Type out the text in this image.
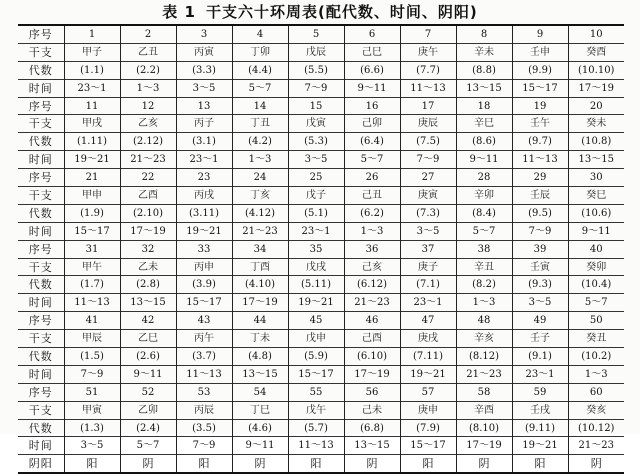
表 1 干支六十环周表(配代数、时间、阴阳)
序号	1	2	3	4	5	6	7	8	9	10
干支	甲子	乙丑	丙寅	丁卯	戊辰	己巳	庚午	辛未	壬申	癸酉
代数	(1.1)	(2.2)	(3.3)	(4.4)	(5.5)	(6.6)	(7.7)	(8.8)	(9.9)	(10.10)
时间	23～1	1～3	3～5	5～7	7～9	9～11	11～13	13～15	15～17	17～19
序号	11	12	13	14	15	16	17	18	19	20
干支	甲戌	乙亥	丙子	丁丑	戊寅	己卯	庚辰	辛巳	壬午	癸未
代数	(1.11)	(2.12)	(3.1)	(4.2)	(5.3)	(6.4)	(7.5)	(8.6)	(9.7)	(10.8)
时间	19～21	21～23	23～1	1～3	3～5	5～7	7～9	9～11	11～13	13～15
序号	21	22	23	24	25	26	27	28	29	30
干支	甲申	乙酉	丙戌	丁亥	戊子	己丑	庚寅	辛卯	壬辰	癸巳
代数	(1.9)	(2.10)	(3.11)	(4.12)	(5.1)	(6.2)	(7.3)	(8.4)	(9.5)	(10.6)
时间	15～17	17～19	19～21	21～23	23～1	1～3	3～5	5～7	7～9	9～11
序号	31	32	33	34	35	36	37	38	39	40
干支	甲午	乙未	丙申	丁酉	戊戌	己亥	庚子	辛丑	壬寅	癸卯
代数	(1.7)	(2.8)	(3.9)	(4.10)	(5.11)	(6.12)	(7.1)	(8.2)	(9.3)	(10.4)
时间	11～13	13～15	15～17	17～19	19～21	21～23	23～1	1～3	3～5	5～7
序号	41	42	43	44	45	46	47	48	49	50
干支	甲辰	乙巳	丙午	丁未	戊申	己酉	庚戌	辛亥	壬子	癸丑
代数	(1.5)	(2.6)	(3.7)	(4.8)	(5.9)	(6.10)	(7.11)	(8.12)	(9.1)	(10.2)
时间	7～9	9～11	11～13	13～15	15～17	17～19	19～21	21～23	23～1	1～3
序号	51	52	53	54	55	56	57	58	59	60
干支	甲寅	乙卯	丙辰	丁巳	戊午	己未	庚申	辛酉	壬戌	癸亥
代数	(1.3)	(2.4)	(3.5)	(4.6)	(5.7)	(6.8)	(7.9)	(8.10)	(9.11)	(10.12)
时间	3～5	5～7	7～9	9～11	11～13	13～15	15～17	17～19	19～21	21～23
阴阳	阳	阴	阳	阴	阳	阴	阳	阴	阳	阴
